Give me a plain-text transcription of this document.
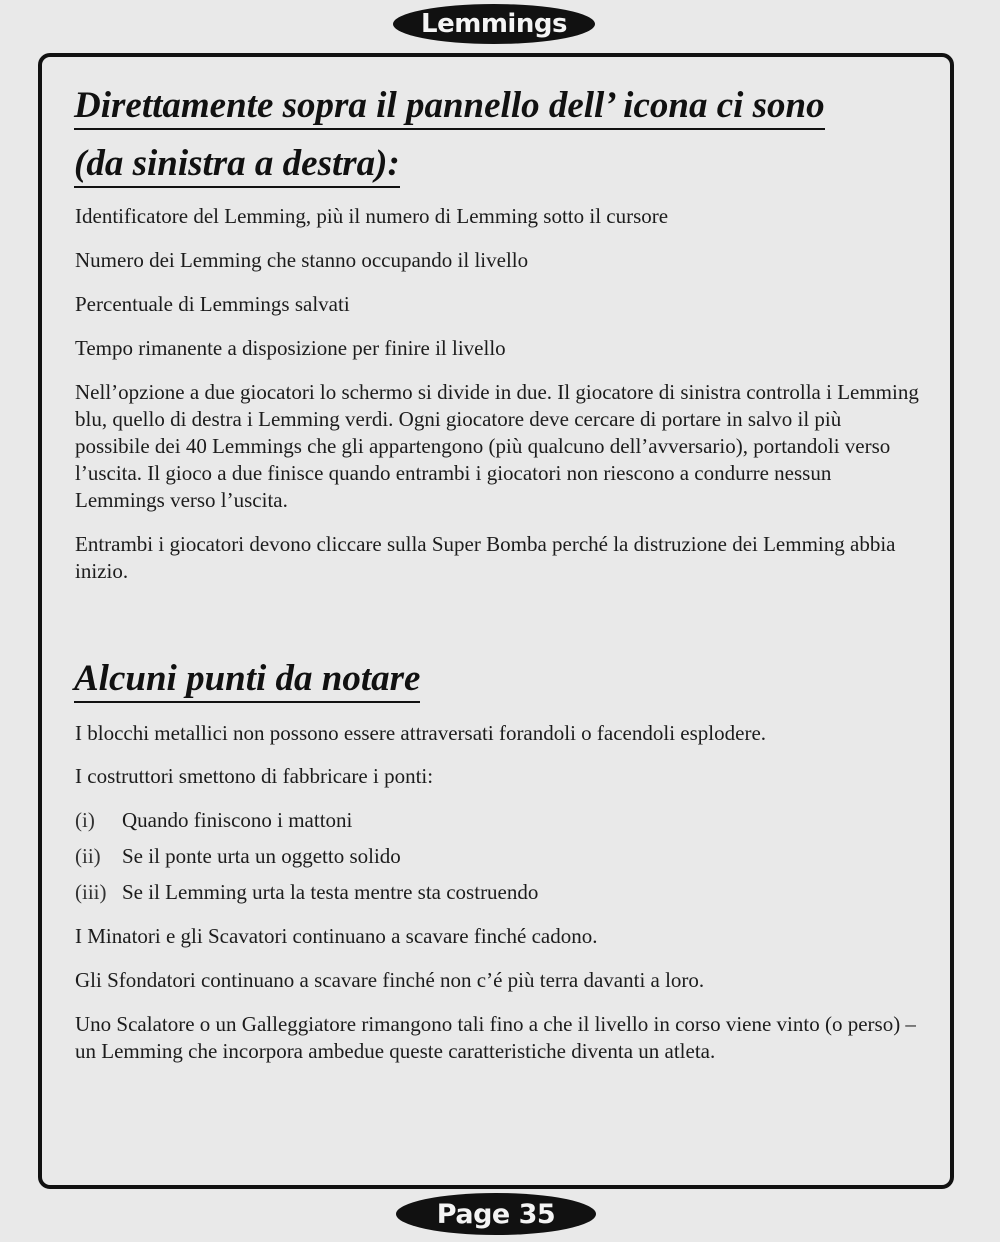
Lemmings
Direttamente sopra il pannello dell’ icona ci sono
(da sinistra a destra):
Identificatore del Lemming, più il numero di Lemming sotto il cursore
Numero dei Lemming che stanno occupando il livello
Percentuale di Lemmings salvati
Tempo rimanente a disposizione per finire il livello
Nell’opzione a due giocatori lo schermo si divide in due. Il giocatore di sinistra controlla i Lemming blu, quello di destra i Lemming verdi. Ogni giocatore deve cercare di portare in salvo il più possibile dei 40 Lemmings che gli appartengono (più qualcuno dell’avversario), portandoli verso l’uscita. Il gioco a due finisce quando entrambi i giocatori non riescono a condurre nessun Lemmings verso l’uscita.
Entrambi i giocatori devono cliccare sulla Super Bomba perché la distruzione dei Lemming abbia inizio.
Alcuni punti da notare
I blocchi metallici non possono essere attraversati forandoli o facendoli esplodere.
I costruttori smettono di fabbricare i ponti:
(i) Quando finiscono i mattoni
(ii) Se il ponte urta un oggetto solido
(iii) Se il Lemming urta la testa mentre sta costruendo
I Minatori e gli Scavatori continuano a scavare finché cadono.
Gli Sfondatori continuano a scavare finché non c’é più terra davanti a loro.
Uno Scalatore o un Galleggiatore rimangono tali fino a che il livello in corso viene vinto (o perso) – un Lemming che incorpora ambedue queste caratteristiche diventa un atleta.
Page 35
